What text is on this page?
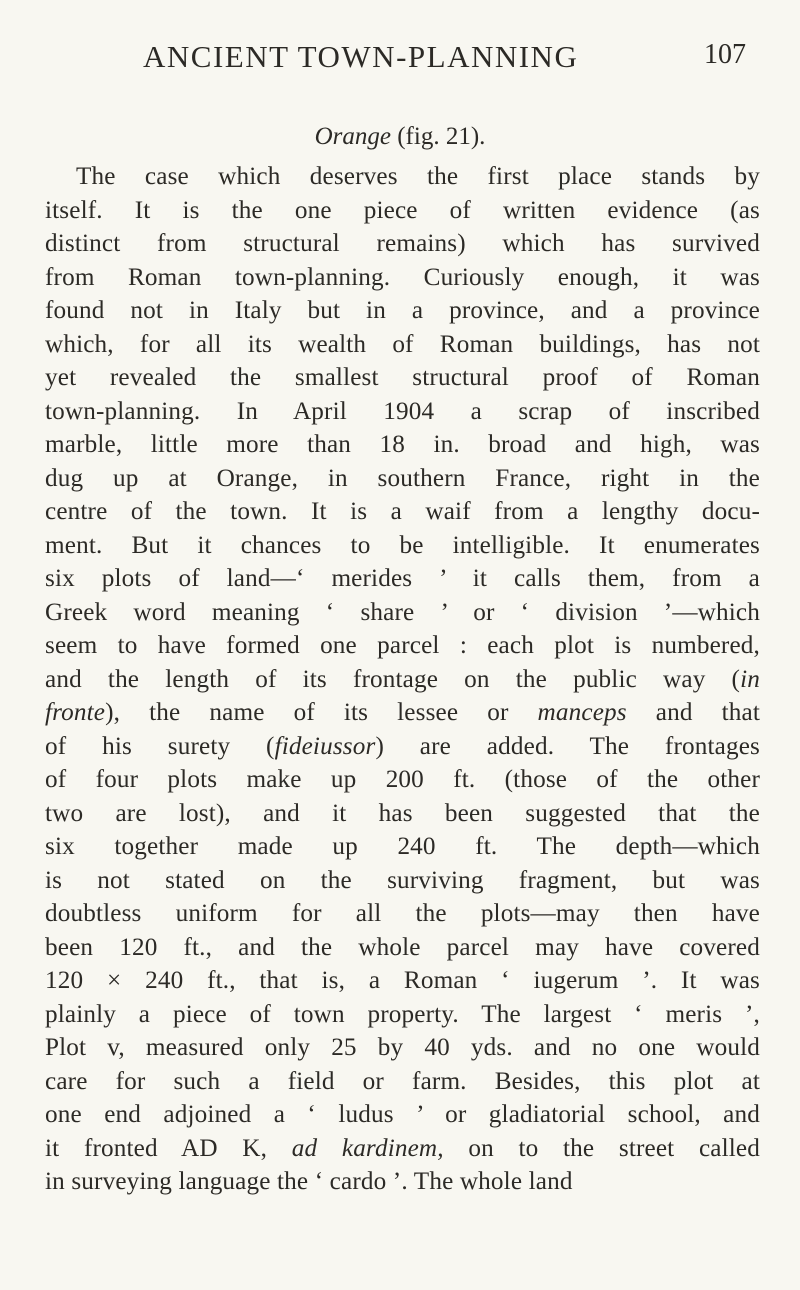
ANCIENT TOWN-PLANNING	107
Orange (fig. 21).
The case which deserves the first place stands by
itself. It is the one piece of written evidence (as
distinct from structural remains) which has survived
from Roman town-planning. Curiously enough, it was
found not in Italy but in a province, and a province
which, for all its wealth of Roman buildings, has not
yet revealed the smallest structural proof of Roman
town-planning. In April 1904 a scrap of inscribed
marble, little more than 18 in. broad and high, was
dug up at Orange, in southern France, right in the
centre of the town. It is a waif from a lengthy docu-
ment. But it chances to be intelligible. It enumerates
six plots of land—‘ merides ’ it calls them, from a
Greek word meaning ‘ share ’ or ‘ division ’—which
seem to have formed one parcel : each plot is numbered,
and the length of its frontage on the public way (in
fronte), the name of its lessee or manceps and that
of his surety (fideiussor) are added. The frontages
of four plots make up 200 ft. (those of the other
two are lost), and it has been suggested that the
six together made up 240 ft. The depth—which
is not stated on the surviving fragment, but was
doubtless uniform for all the plots—may then have
been 120 ft., and the whole parcel may have covered
120 × 240 ft., that is, a Roman ‘ iugerum ’. It was
plainly a piece of town property. The largest ‘ meris ’,
Plot v, measured only 25 by 40 yds. and no one would
care for such a field or farm. Besides, this plot at
one end adjoined a ‘ ludus ’ or gladiatorial school, and
it fronted AD K, ad kardinem, on to the street called
in surveying language the ‘ cardo ’. The whole land
